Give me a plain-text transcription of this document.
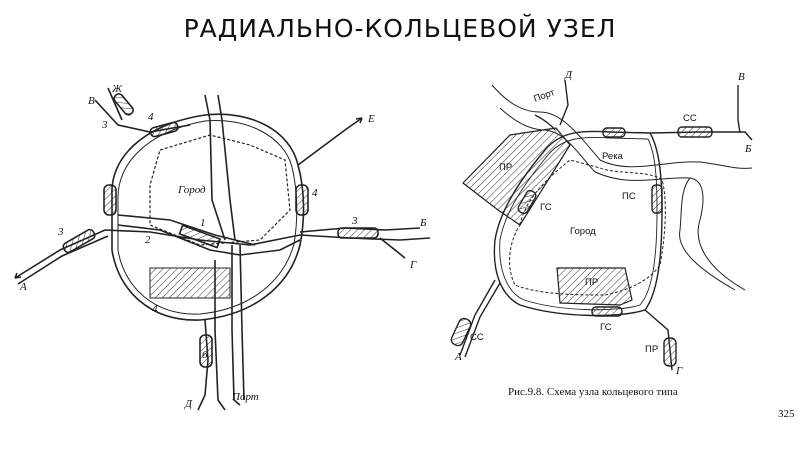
РАДИАЛЬНО-КОЛЬЦЕВОЙ УЗЕЛ
Город
Порт
А
Б
В
Г
Д
Е
Ж
1
2
3
3
3
4
4
4
6
Город
Река
Порт
ПР
ПР
ПР
ГС
ГС
СС
СС
ПС
А
Б
В
Г
Д
Рис.9.8. Схема узла кольцевого типа
325
